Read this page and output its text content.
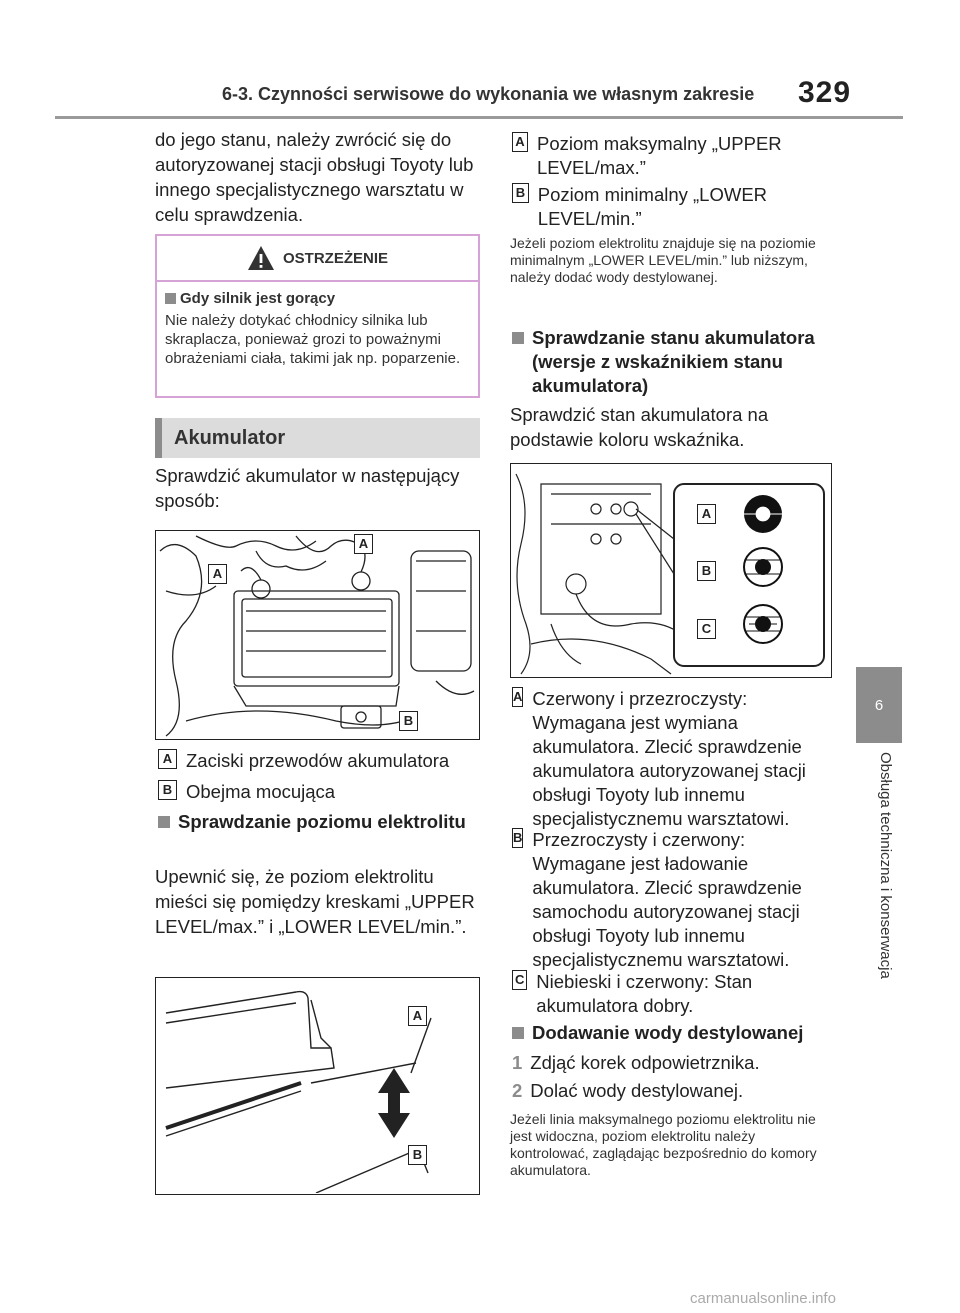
6-3. Czynności serwisowe do wykonania we własnym zakresie 329
6
Obsługa techniczna i konserwacja
do jego stanu, należy zwrócić się do autoryzowanej stacji obsługi Toyoty lub innego specjalistycznego warsztatu w celu sprawdzenia.
OSTRZEŻENIE
Gdy silnik jest gorący
Nie należy dotykać chłodnicy silnika lub skraplacza, ponieważ grozi to poważnymi obrażeniami ciała, takimi jak np. poparzenie.
Akumulator
Sprawdzić akumulator w następujący sposób:
A
A
B
A Zaciski przewodów akumulatora
B Obejma mocująca
Sprawdzanie poziomu elektrolitu
Upewnić się, że poziom elektrolitu mieści się pomiędzy kreskami „UPPER LEVEL/max.” i „LOWER LEVEL/min.”.
A
B
A Poziom maksymalny „UPPER LEVEL/max.”
B Poziom minimalny „LOWER LEVEL/min.”
Jeżeli poziom elektrolitu znajduje się na poziomie minimalnym „LOWER LEVEL/min.” lub niższym, należy dodać wody destylowanej.
Sprawdzanie stanu akumulatora (wersje z wskaźnikiem stanu akumulatora)
Sprawdzić stan akumulatora na podstawie koloru wskaźnika.
A
B
C
A Czerwony i przezroczysty: Wymagana jest wymiana akumulatora. Zlecić sprawdzenie akumulatora autoryzowanej stacji obsługi Toyoty lub innemu specjalistycznemu warsztatowi.
B Przezroczysty i czerwony: Wymagane jest ładowanie akumulatora. Zlecić sprawdzenie samochodu autoryzowanej stacji obsługi Toyoty lub innemu specjalistycznemu warsztatowi.
C Niebieski i czerwony: Stan akumulatora dobry.
Dodawanie wody destylowanej
1 Zdjąć korek odpowietrznika.
2 Dolać wody destylowanej.
Jeżeli linia maksymalnego poziomu elektrolitu nie jest widoczna, poziom elektrolitu należy kontrolować, zaglądając bezpośrednio do komory akumulatora.
carmanualsonline.info
